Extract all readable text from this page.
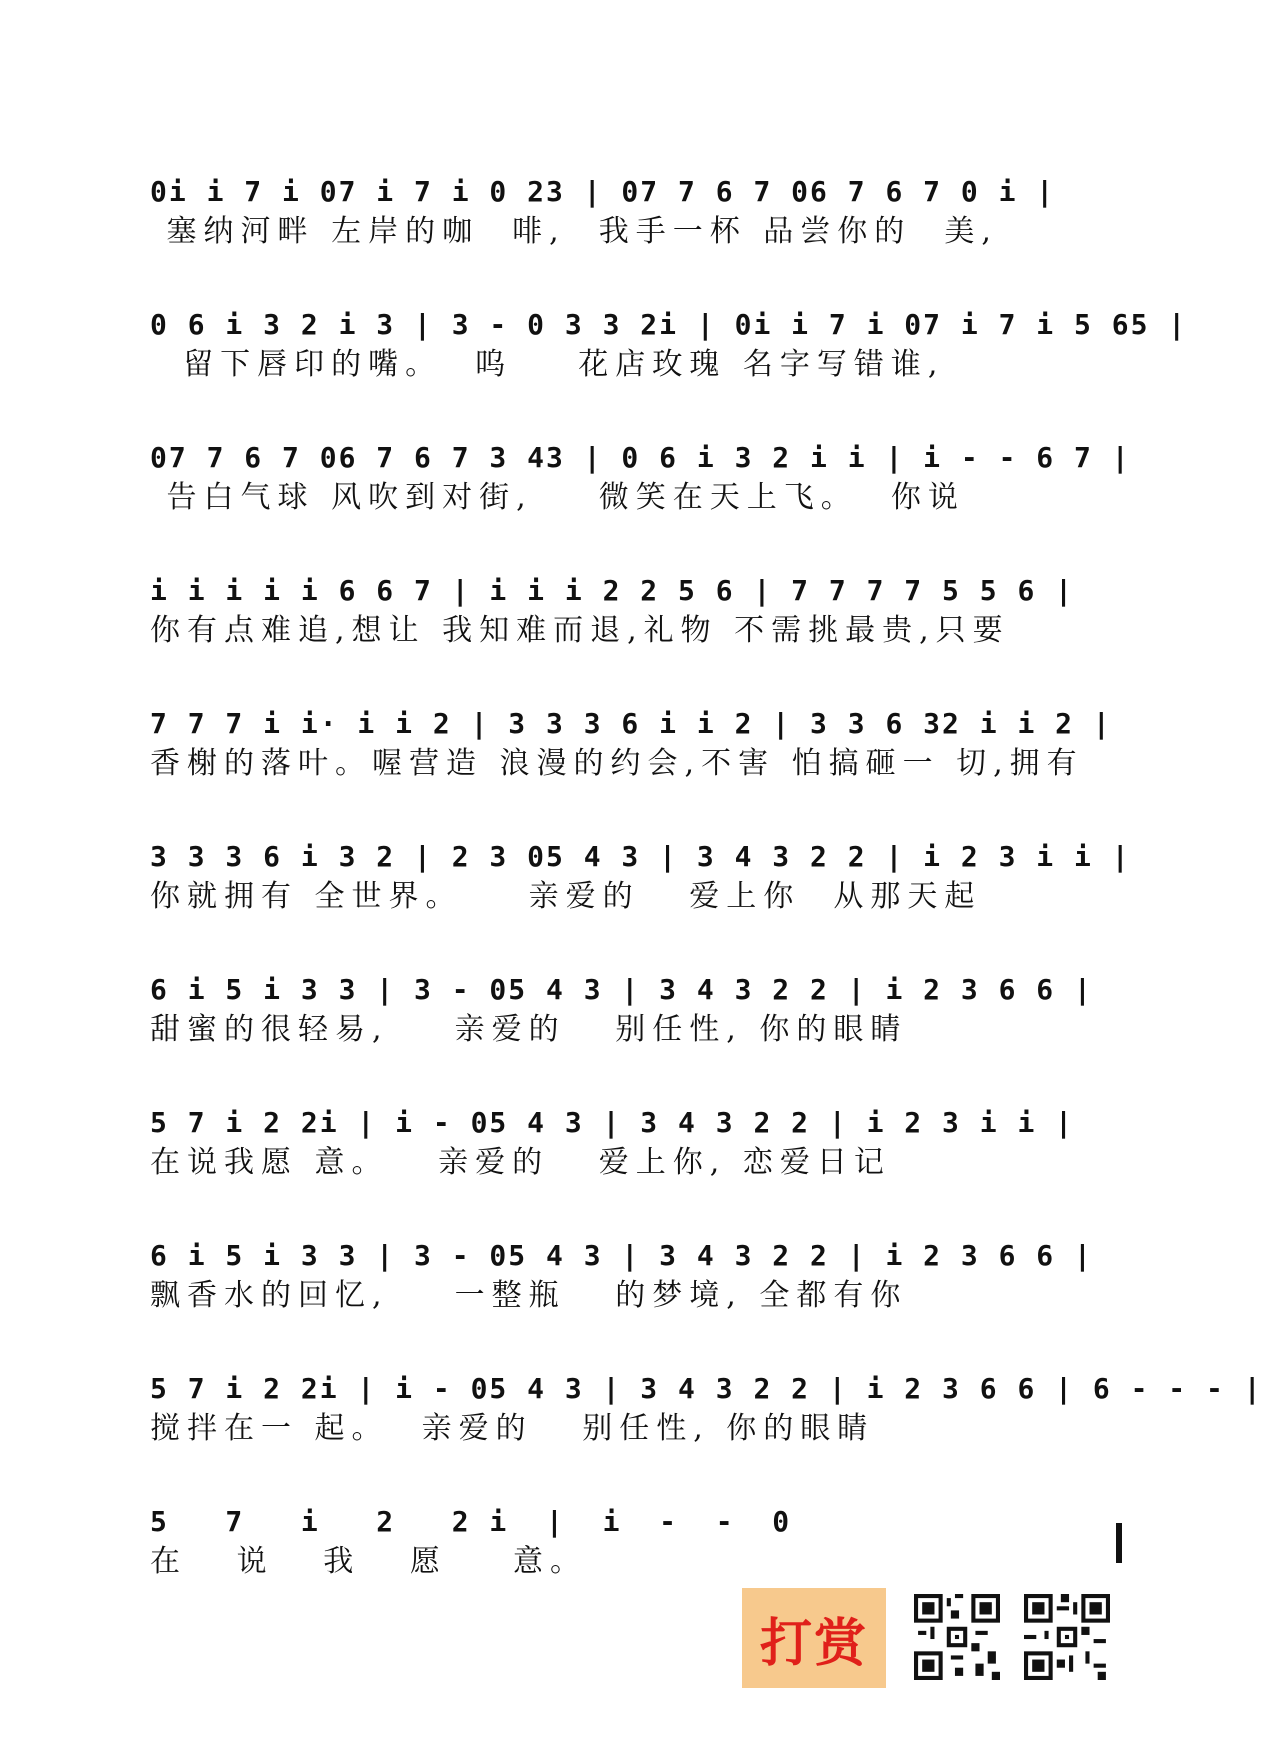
0i i 7 i 07 i 7 i 0 23 | 07 7 6 7 06 7 6 7 0 i |
塞纳河畔 左岸的咖  啡,  我手一杯 品尝你的  美,
0 6 i 3 2 i 3 | 3 - 0 3 3 2i | 0i i 7 i 07 i 7 i 5 65 |
留下唇印的嘴。  呜    花店玫瑰 名字写错谁,
07 7 6 7 06 7 6 7 3 43 | 0 6 i 3 2 i i | i - - 6 7 |
告白气球 风吹到对街,    微笑在天上飞。  你说
i i i i i 6 6 7 | i i i 2 2 5 6 | 7 7 7 7 5 5 6 |
你有点难追,想让 我知难而退,礼物 不需挑最贵,只要
7 7 7 i i· i i 2 | 3 3 3 6 i i 2 | 3 3 6 32 i i 2 |
香榭的落叶。喔营造 浪漫的约会,不害 怕搞砸一 切,拥有
3 3 3 6 i 3 2 | 2 3 05 4 3 | 3 4 3 2 2 | i 2 3 i i |
你就拥有 全世界。    亲爱的   爱上你  从那天起
6 i 5 i 3 3 | 3 - 05 4 3 | 3 4 3 2 2 | i 2 3 6 6 |
甜蜜的很轻易,    亲爱的   别任性, 你的眼睛
5 7 i 2 2i | i - 05 4 3 | 3 4 3 2 2 | i 2 3 i i |
在说我愿 意。   亲爱的   爱上你, 恋爱日记
6 i 5 i 3 3 | 3 - 05 4 3 | 3 4 3 2 2 | i 2 3 6 6 |
飘香水的回忆,    一整瓶   的梦境, 全都有你
5 7 i 2 2i | i - 05 4 3 | 3 4 3 2 2 | i 2 3 6 6 | 6 - - - |
搅拌在一 起。  亲爱的   别任性, 你的眼睛
5   7   i   2   2 i  |  i  -  -  0
在   说   我   愿    意。
打赏
